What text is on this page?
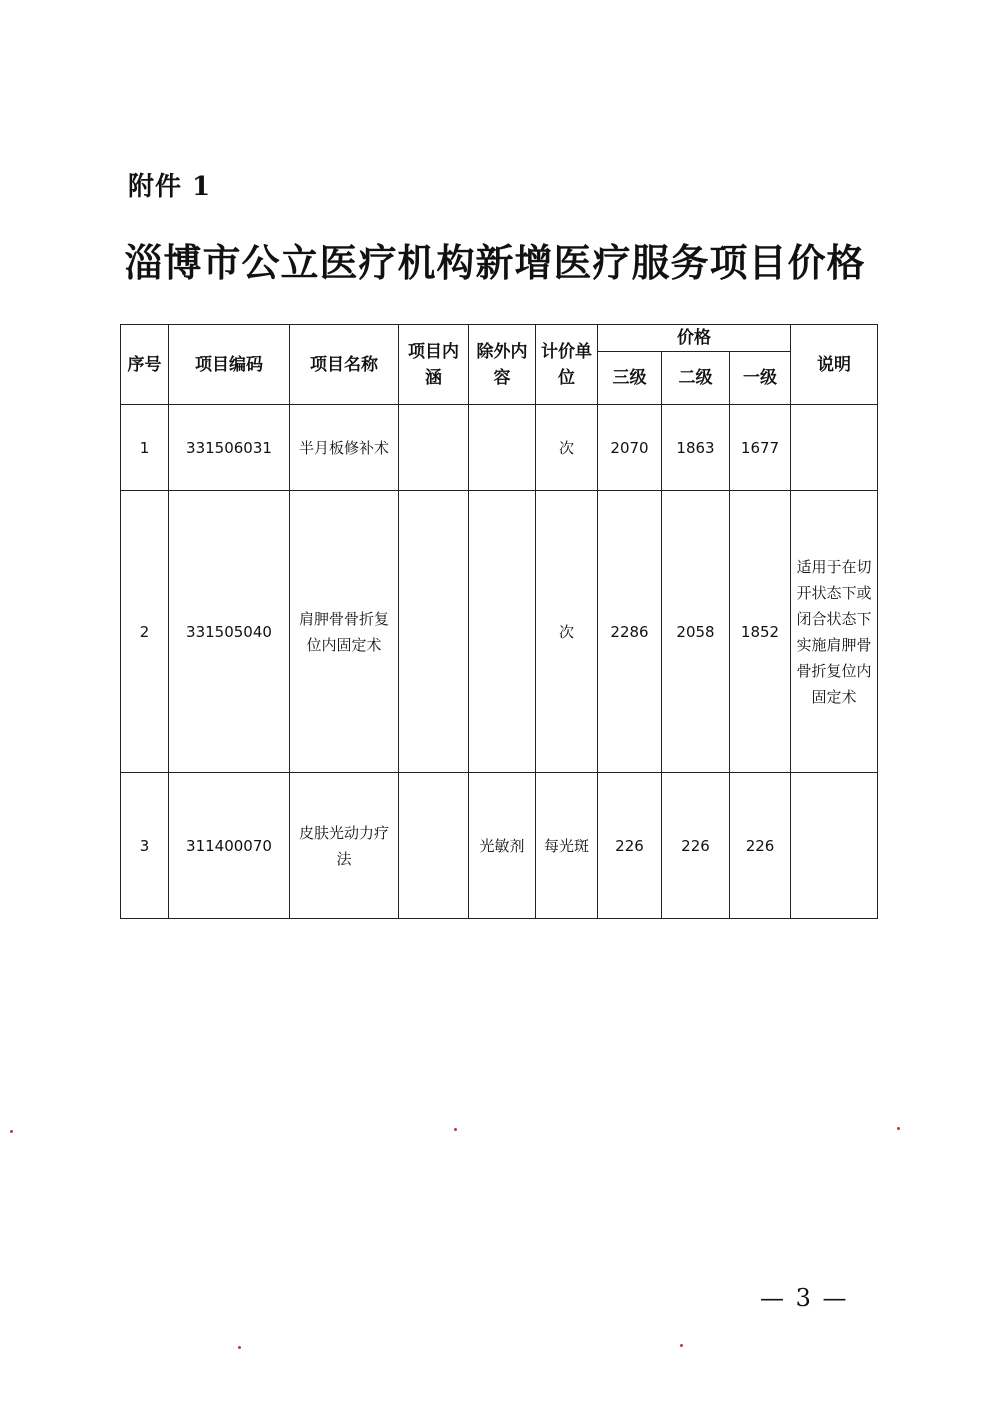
附件 1
淄博市公立医疗机构新增医疗服务项目价格
序号	项目编码	项目名称	项目内涵	除外内容	计价单位	价格			说明
						三级	二级	一级	
1	331506031	半月板修补术			次	2070	1863	1677	
2	331505040	肩胛骨骨折复位内固定术			次	2286	2058	1852	适用于在切开状态下或闭合状态下实施肩胛骨骨折复位内固定术
3	311400070	皮肤光动力疗法		光敏剂	每光斑	226	226	226	
— 3 —
